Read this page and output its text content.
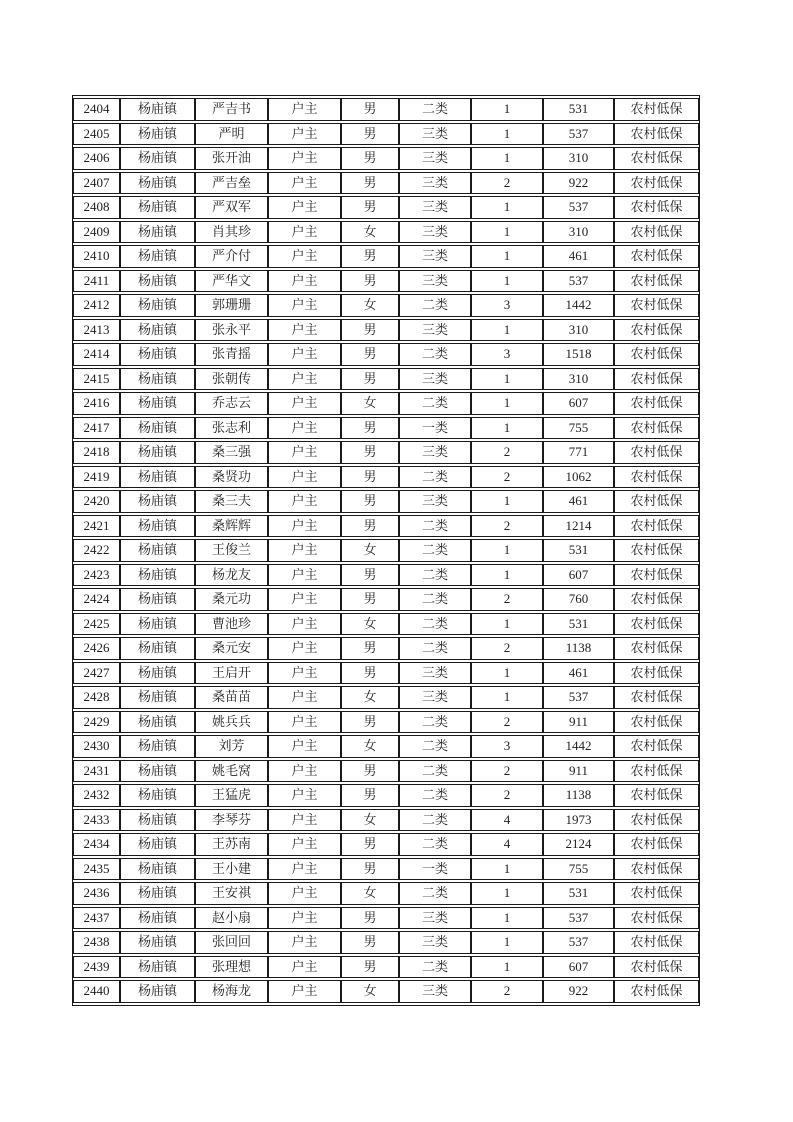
2404	杨庙镇	严吉书	户主	男	二类	1	531	农村低保
2405	杨庙镇	严明	户主	男	三类	1	537	农村低保
2406	杨庙镇	张开油	户主	男	三类	1	310	农村低保
2407	杨庙镇	严吉垒	户主	男	三类	2	922	农村低保
2408	杨庙镇	严双军	户主	男	三类	1	537	农村低保
2409	杨庙镇	肖其珍	户主	女	三类	1	310	农村低保
2410	杨庙镇	严介付	户主	男	三类	1	461	农村低保
2411	杨庙镇	严华文	户主	男	三类	1	537	农村低保
2412	杨庙镇	郭珊珊	户主	女	二类	3	1442	农村低保
2413	杨庙镇	张永平	户主	男	三类	1	310	农村低保
2414	杨庙镇	张青摇	户主	男	二类	3	1518	农村低保
2415	杨庙镇	张朝传	户主	男	三类	1	310	农村低保
2416	杨庙镇	乔志云	户主	女	二类	1	607	农村低保
2417	杨庙镇	张志利	户主	男	一类	1	755	农村低保
2418	杨庙镇	桑三强	户主	男	三类	2	771	农村低保
2419	杨庙镇	桑贤功	户主	男	二类	2	1062	农村低保
2420	杨庙镇	桑三夫	户主	男	三类	1	461	农村低保
2421	杨庙镇	桑辉辉	户主	男	二类	2	1214	农村低保
2422	杨庙镇	王俊兰	户主	女	二类	1	531	农村低保
2423	杨庙镇	杨龙友	户主	男	二类	1	607	农村低保
2424	杨庙镇	桑元功	户主	男	二类	2	760	农村低保
2425	杨庙镇	曹池珍	户主	女	二类	1	531	农村低保
2426	杨庙镇	桑元安	户主	男	二类	2	1138	农村低保
2427	杨庙镇	王启开	户主	男	三类	1	461	农村低保
2428	杨庙镇	桑苗苗	户主	女	三类	1	537	农村低保
2429	杨庙镇	姚兵兵	户主	男	二类	2	911	农村低保
2430	杨庙镇	刘芳	户主	女	二类	3	1442	农村低保
2431	杨庙镇	姚毛窝	户主	男	二类	2	911	农村低保
2432	杨庙镇	王猛虎	户主	男	二类	2	1138	农村低保
2433	杨庙镇	李琴芬	户主	女	二类	4	1973	农村低保
2434	杨庙镇	王苏南	户主	男	二类	4	2124	农村低保
2435	杨庙镇	王小建	户主	男	一类	1	755	农村低保
2436	杨庙镇	王安祺	户主	女	二类	1	531	农村低保
2437	杨庙镇	赵小扇	户主	男	三类	1	537	农村低保
2438	杨庙镇	张回回	户主	男	三类	1	537	农村低保
2439	杨庙镇	张理想	户主	男	二类	1	607	农村低保
2440	杨庙镇	杨海龙	户主	女	三类	2	922	农村低保
